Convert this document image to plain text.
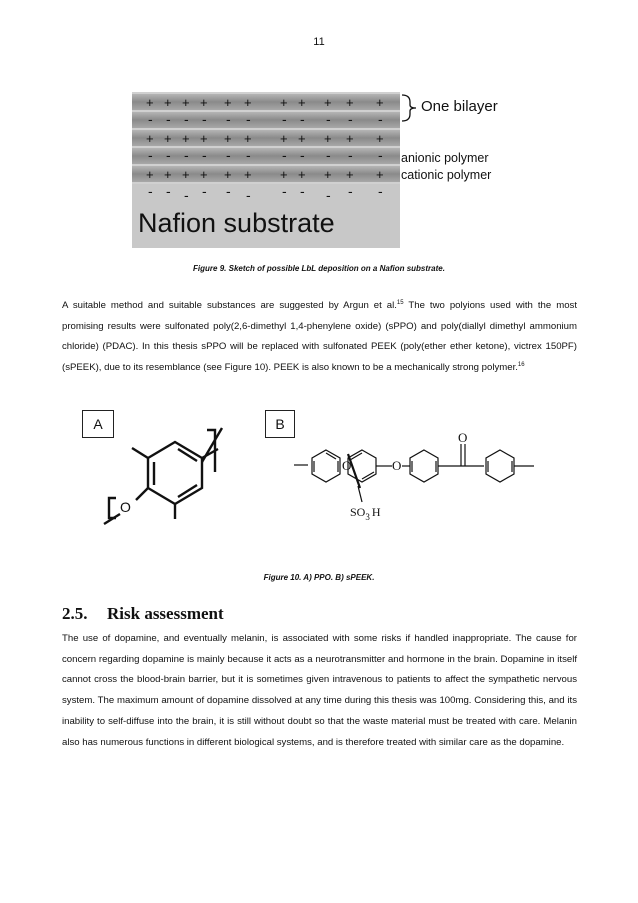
11
+ + + + + + + + + + +
- - - - - - - - - - -
+ + + + + + + + + + +
- - - - - - - - - - -
+ + + + + + + + + + +
- - - - - - - - - - -
Nafion substrate
One bilayer
anionic polymer
cationic polymer
Figure 9. Sketch of possible LbL deposition on a Nafion substrate.

A suitable method and suitable substances are suggested by Argun et al.$^{15}$ The two polyions used with the most promising results were sulfonated poly(2,6-dimethyl 1,4-phenylene oxide) (sPPO) and poly(diallyl dimethyl ammonium chloride) (PDAC). In this thesis sPPO will be replaced with sulfonated PEEK (poly(ether ether ketone), victrex 150PF) (sPEEK), due to its resemblance (see Figure 10). PEEK is also known to be a mechanically strong polymer.$^{16}$

A	B
O
O	O
O
$SO_3$ H
Figure 10. A) PPO. B) sPEEK.
2.5. Risk assessment

The use of dopamine, and eventually melanin, is associated with some risks if handled inappropriate. The cause for concern regarding dopamine is mainly because it acts as a neurotransmitter and hormone in the brain. Dopamine in itself cannot cross the blood-brain barrier, but it is sometimes given intravenous to patients to affect the sympathetic nervous system. The maximum amount of dopamine dissolved at any time during this thesis was 100mg. Considering this, and its inability to self-diffuse into the brain, it is still without doubt so that the waste material must be treated with care. Melanin also has numerous functions in different biological systems, and is therefore treated with similar care as the dopamine.
